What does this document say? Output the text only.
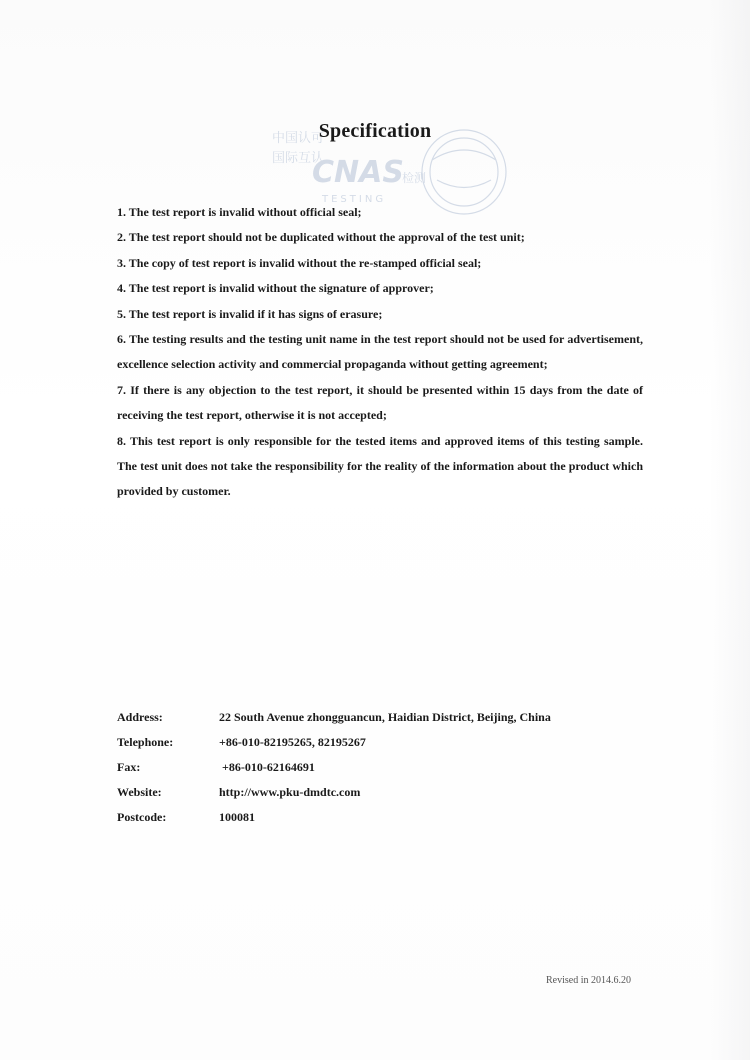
中国认可
国际互认
CNAS
检测
TESTING
Specification
1. The test report is invalid without official seal;
2. The test report should not be duplicated without the approval of the test unit;
3. The copy of test report is invalid without the re-stamped official seal;
4. The test report is invalid without the signature of approver;
5. The test report is invalid if it has signs of erasure;
6. The testing results and the testing unit name in the test report should not be used for advertisement, excellence selection activity and commercial propaganda without getting agreement;
7. If there is any objection to the test report, it should be presented within 15 days from the date of receiving the test report, otherwise it is not accepted;
8. This test report is only responsible for the tested items and approved items of this testing sample. The test unit does not take the responsibility for the reality of the information about the product which provided by customer.
Address:	22 South Avenue zhongguancun, Haidian District, Beijing, China
Telephone:	+86-010-82195265, 82195267
Fax:	+86-010-62164691
Website:	http://www.pku-dmdtc.com
Postcode:	100081
Revised in 2014.6.20
